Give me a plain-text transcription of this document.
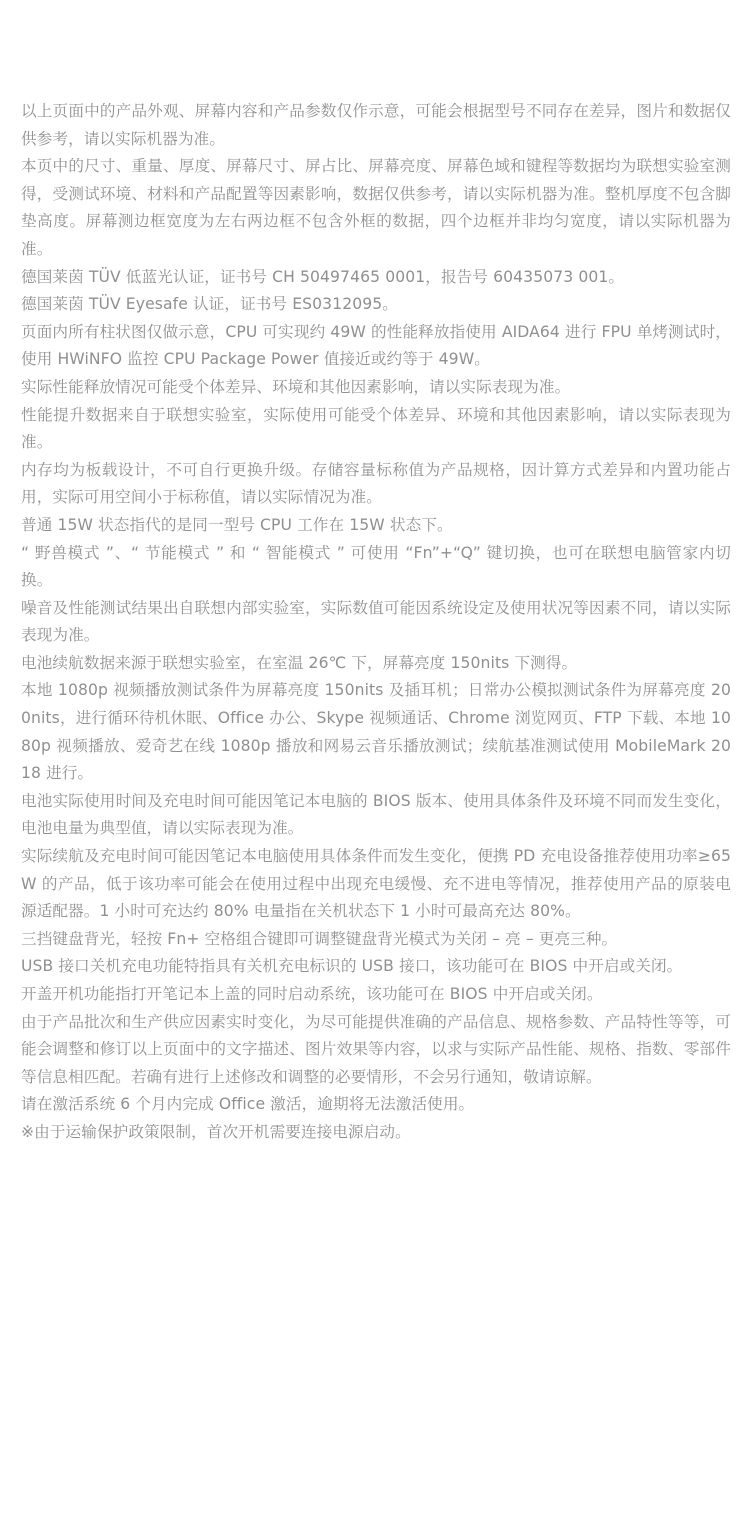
以上页面中的产品外观、屏幕内容和产品参数仅作示意，可能会根据型号不同存在差异，图片和数据仅供参考，请以实际机器为准。

本页中的尺寸、重量、厚度、屏幕尺寸、屏占比、屏幕亮度、屏幕色域和键程等数据均为联想实验室测得，受测试环境、材料和产品配置等因素影响，数据仅供参考，请以实际机器为准。整机厚度不包含脚垫高度。屏幕测边框宽度为左右两边框不包含外框的数据，四个边框并非均匀宽度，请以实际机器为准。

德国莱茵 TÜV 低蓝光认证，证书号 CH 50497465 0001，报告号 60435073 001。

德国莱茵 TÜV Eyesafe 认证，证书号 ES0312095。

页面内所有柱状图仅做示意，CPU 可实现约 49W 的性能释放指使用 AIDA64 进行 FPU 单烤测试时，使用 HWiNFO 监控 CPU Package Power 值接近或约等于 49W。

实际性能释放情况可能受个体差异、环境和其他因素影响，请以实际表现为准。

性能提升数据来自于联想实验室，实际使用可能受个体差异、环境和其他因素影响，请以实际表现为准。

内存均为板载设计，不可自行更换升级。存储容量标称值为产品规格，因计算方式差异和内置功能占用，实际可用空间小于标称值，请以实际情况为准。

普通 15W 状态指代的是同一型号 CPU 工作在 15W 状态下。

“ 野兽模式 ”、“ 节能模式 ” 和 “ 智能模式 ” 可使用 “Fn”+“Q” 键切换，也可在联想电脑管家内切换。

噪音及性能测试结果出自联想内部实验室，实际数值可能因系统设定及使用状况等因素不同，请以实际表现为准。

电池续航数据来源于联想实验室，在室温 26℃ 下，屏幕亮度 150nits 下测得。

本地 1080p 视频播放测试条件为屏幕亮度 150nits 及插耳机；日常办公模拟测试条件为屏幕亮度 200nits，进行循环待机休眠、Office 办公、Skype 视频通话、Chrome 浏览网页、FTP 下载、本地 1080p 视频播放、爱奇艺在线 1080p 播放和网易云音乐播放测试；续航基准测试使用 MobileMark 2018 进行。

电池实际使用时间及充电时间可能因笔记本电脑的 BIOS 版本、使用具体条件及环境不同而发生变化，电池电量为典型值，请以实际表现为准。

实际续航及充电时间可能因笔记本电脑使用具体条件而发生变化，便携 PD 充电设备推荐使用功率≥65W 的产品，低于该功率可能会在使用过程中出现充电缓慢、充不进电等情况，推荐使用产品的原装电源适配器。1 小时可充达约 80% 电量指在关机状态下 1 小时可最高充达 80%。

三挡键盘背光，轻按 Fn+ 空格组合键即可调整键盘背光模式为关闭 – 亮 – 更亮三种。

USB 接口关机充电功能特指具有关机充电标识的 USB 接口，该功能可在 BIOS 中开启或关闭。

开盖开机功能指打开笔记本上盖的同时启动系统，该功能可在 BIOS 中开启或关闭。

由于产品批次和生产供应因素实时变化，为尽可能提供准确的产品信息、规格参数、产品特性等等，可能会调整和修订以上页面中的文字描述、图片效果等内容，以求与实际产品性能、规格、指数、零部件等信息相匹配。若确有进行上述修改和调整的必要情形，不会另行通知，敬请谅解。

请在激活系统 6 个月内完成 Office 激活，逾期将无法激活使用。

※由于运输保护政策限制，首次开机需要连接电源启动。
